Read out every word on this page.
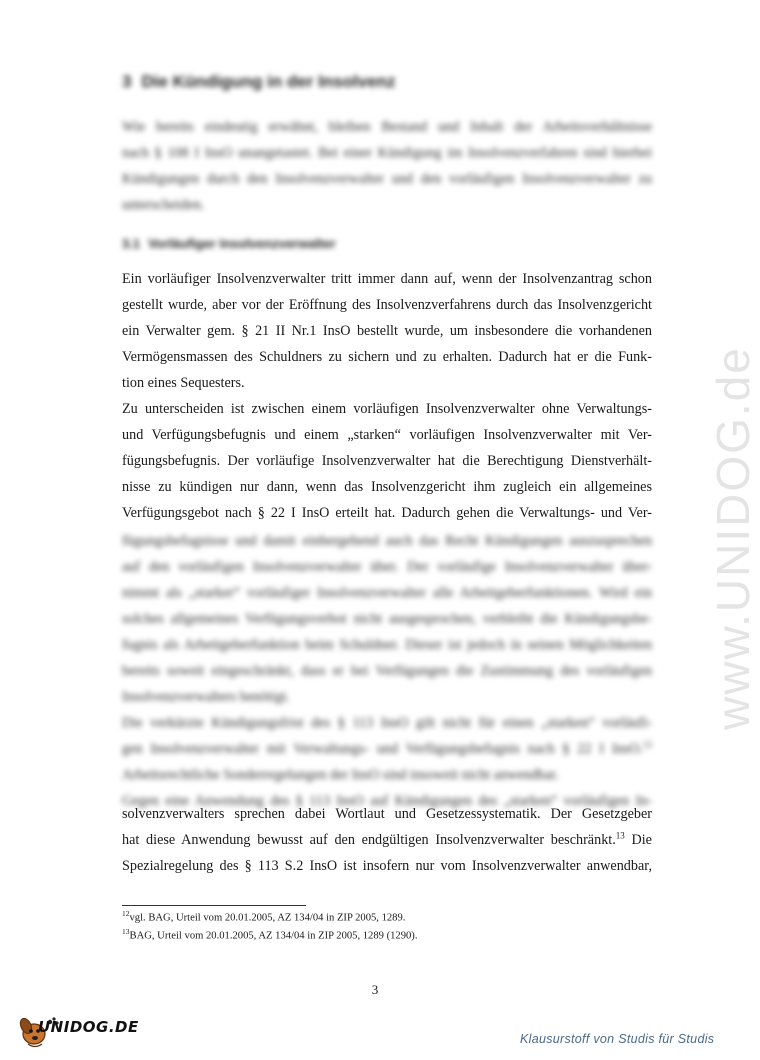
www.UNIDOG.de
3 Die Kündigung in der Insolvenz
Wie bereits eindeutig erwähnt, bleiben Bestand und Inhalt der Arbeitsverhältnisse
nach § 108 I InsO unangetastet. Bei einer Kündigung im Insolvenzverfahren sind hierbei
Kündigungen durch den Insolvenzverwalter und den vorläufigen Insolvenzverwalter zu
unterscheiden.
3.1 Vorläufiger Insolvenzverwalter
Ein vorläufiger Insolvenzverwalter tritt immer dann auf, wenn der Insolvenzantrag schon
gestellt wurde, aber vor der Eröffnung des Insolvenzverfahrens durch das Insolvenzgericht
ein Verwalter gem. § 21 II Nr.1 InsO bestellt wurde, um insbesondere die vorhandenen
Vermögensmassen des Schuldners zu sichern und zu erhalten. Dadurch hat er die Funk-
tion eines Sequesters.
Zu unterscheiden ist zwischen einem vorläufigen Insolvenzverwalter ohne Verwaltungs-
und Verfügungsbefugnis und einem „starken“ vorläufigen Insolvenzverwalter mit Ver-
fügungsbefugnis. Der vorläufige Insolvenzverwalter hat die Berechtigung Dienstverhält-
nisse zu kündigen nur dann, wenn das Insolvenzgericht ihm zugleich ein allgemeines
Verfügungsgebot nach § 22 I InsO erteilt hat. Dadurch gehen die Verwaltungs- und Ver-
fügungsbefugnisse und damit einhergehend auch das Recht Kündigungen auszusprechen
auf den vorläufigen Insolvenzverwalter über. Der vorläufige Insolvenzverwalter über-
nimmt als „starker“ vorläufiger Insolvenzverwalter alle Arbeitgeberfunktionen. Wird ein
solches allgemeines Verfügungsverbot nicht ausgesprochen, verbleibt die Kündigungsbe-
fugnis als Arbeitgeberfunktion beim Schuldner. Dieser ist jedoch in seinen Möglichkeiten
bereits soweit eingeschränkt, dass er bei Verfügungen die Zustimmung des vorläufigen
Insolvenzverwalters benötigt.
Die verkürzte Kündigungsfrist des § 113 InsO gilt nicht für einen „starken“ vorläufi-
gen Insolvenzverwalter mit Verwaltungs- und Verfügungsbefugnis nach § 22 I InsO.$^{12}$
Arbeitsrechtliche Sonderregelungen der InsO sind insoweit nicht anwendbar.
Gegen eine Anwendung des § 113 InsO auf Kündigungen des „starken“ vorläufigen In-
solvenzverwalters sprechen dabei Wortlaut und Gesetzessystematik. Der Gesetzgeber
hat diese Anwendung bewusst auf den endgültigen Insolvenzverwalter beschränkt.$^{13}$ Die
Spezialregelung des § 113 S.2 InsO ist insofern nur vom Insolvenzverwalter anwendbar,
$^{12}$vgl. BAG, Urteil vom 20.01.2005, AZ 134/04 in ZIP 2005, 1289.
$^{13}$BAG, Urteil vom 20.01.2005, AZ 134/04 in ZIP 2005, 1289 (1290).
3
UNIDOG.DE
Klausurstoff von Studis für Studis
